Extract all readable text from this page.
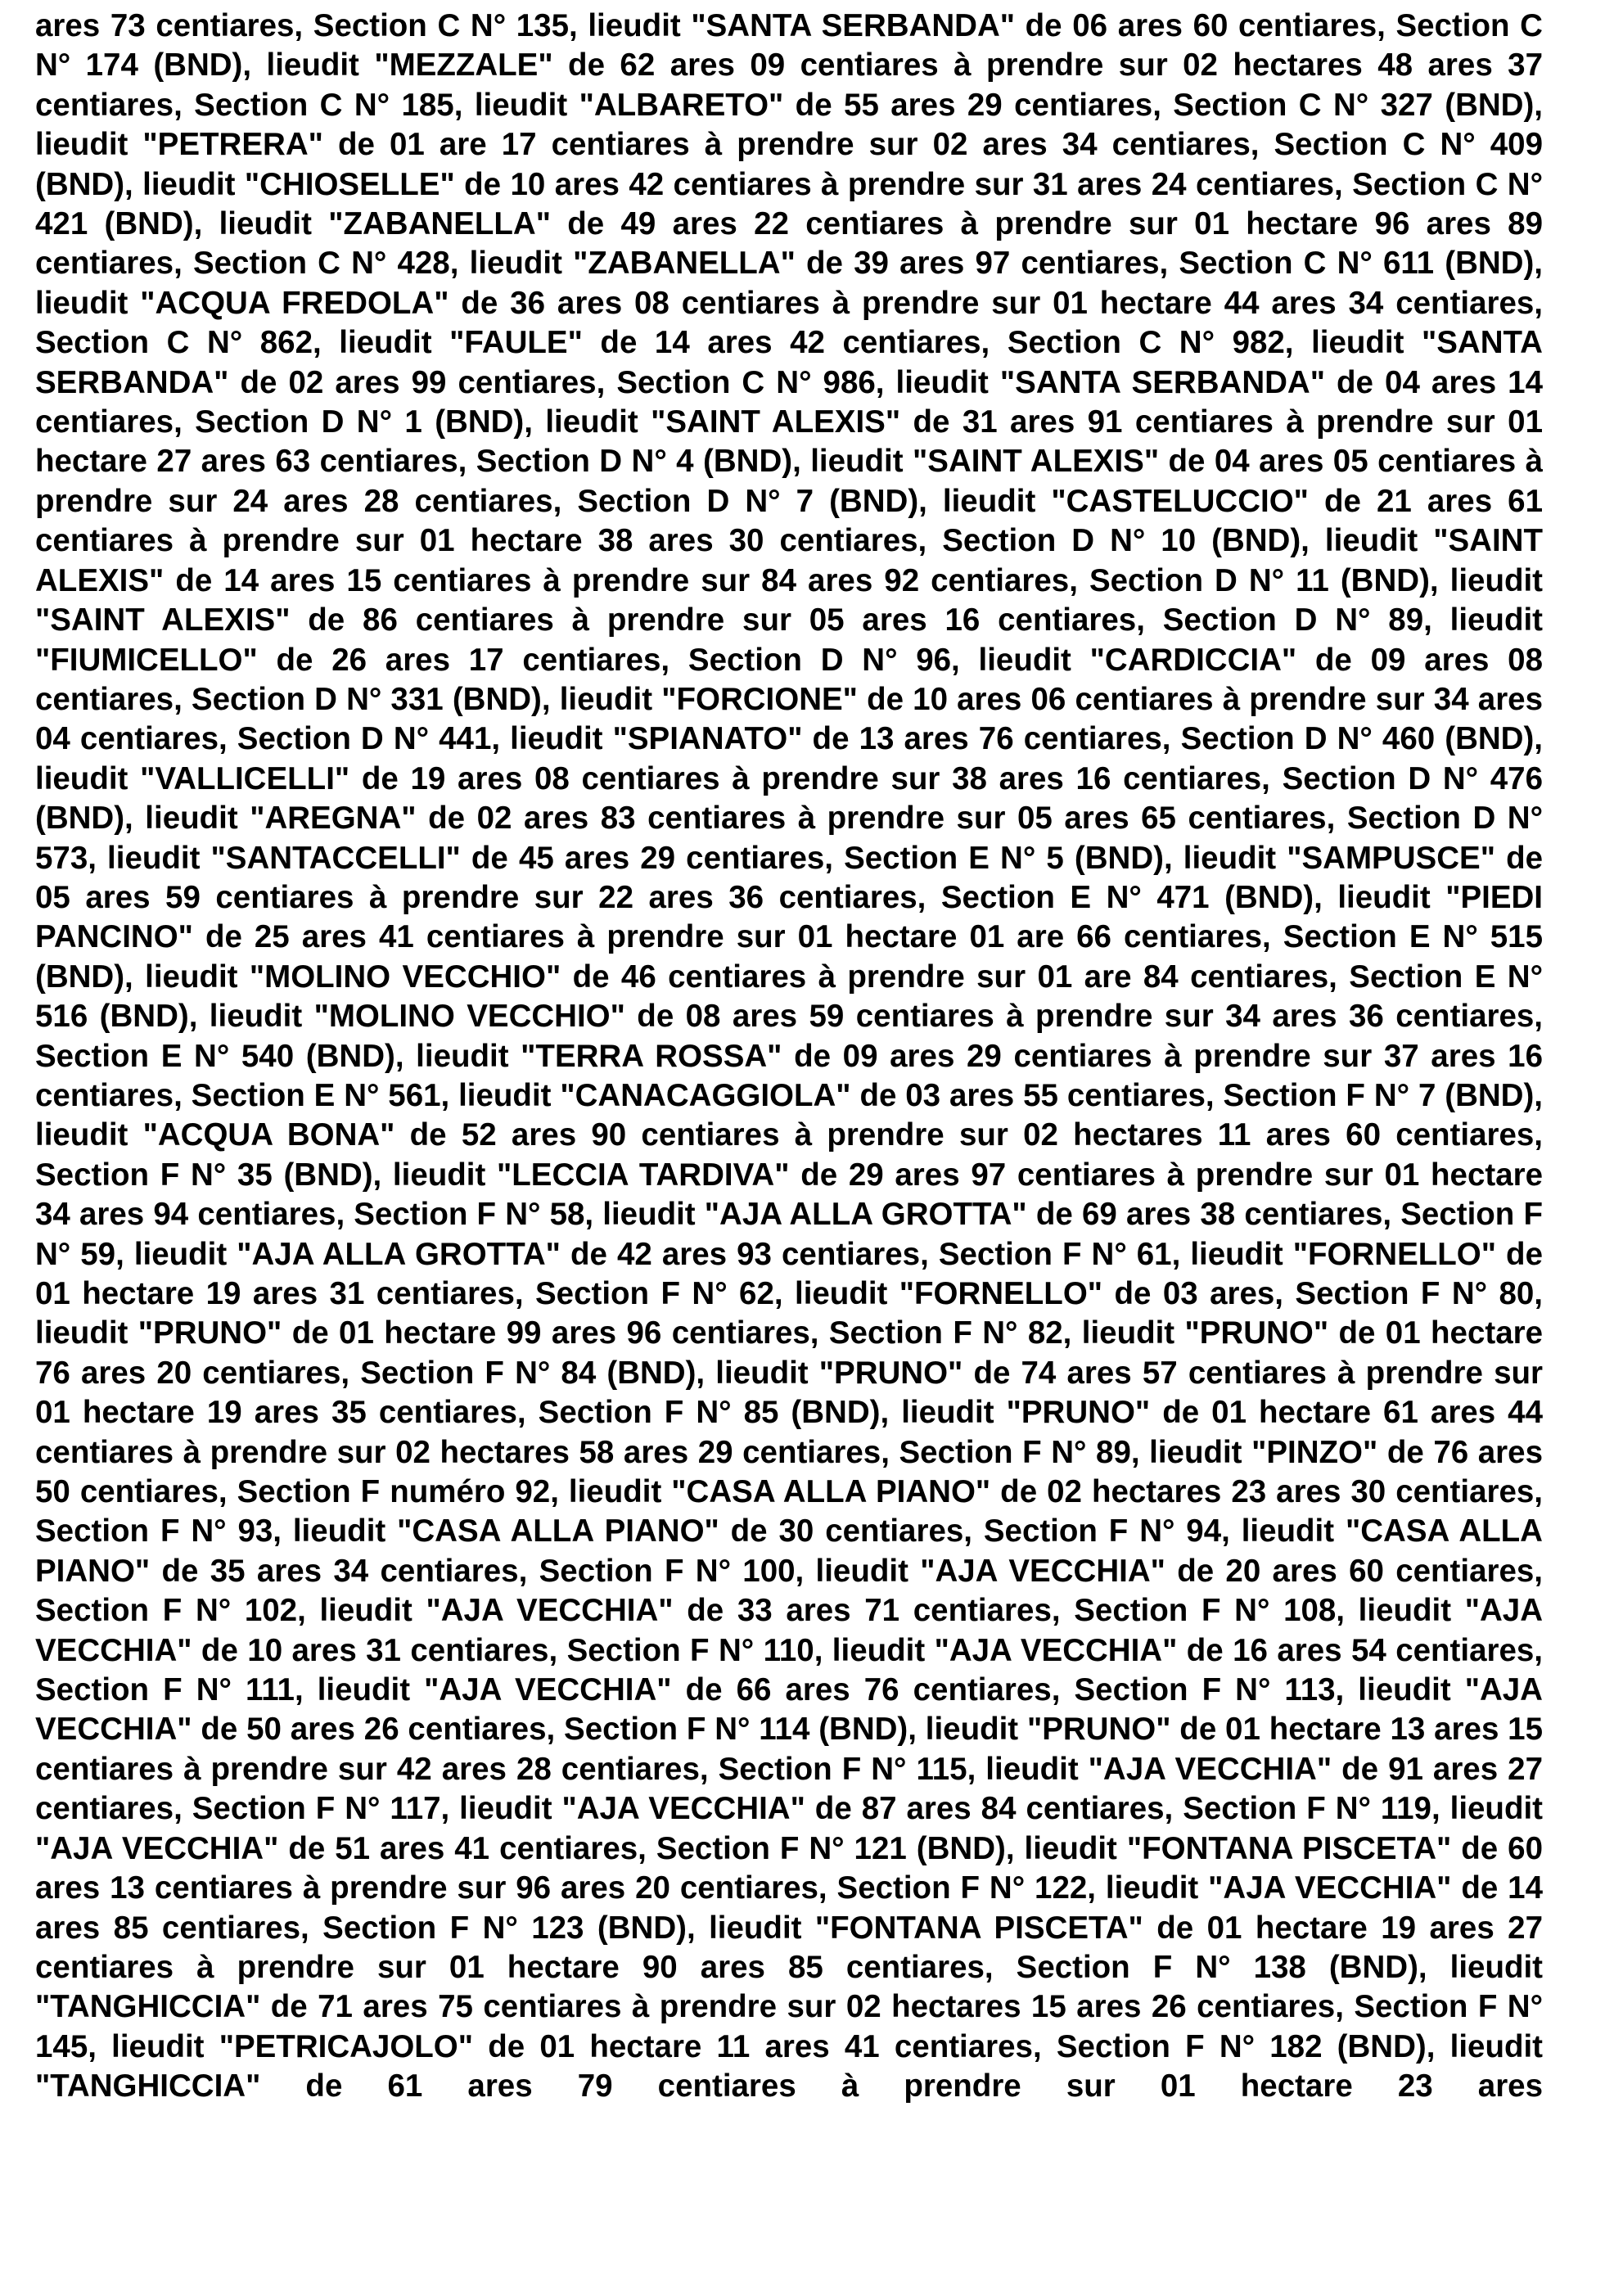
ares 73 centiares, Section C N° 135, lieudit "SANTA SERBANDA" de 06 ares 60 centiares, Section C N° 174 (BND), lieudit "MEZZALE" de 62 ares 09 centiares à prendre sur 02 hectares 48 ares 37 centiares, Section C N° 185, lieudit "ALBARETO" de 55 ares 29 centiares, Section C N° 327 (BND), lieudit "PETRERA" de 01 are 17 centiares à prendre sur 02 ares 34 centiares, Section C N° 409 (BND), lieudit "CHIOSELLE" de 10 ares 42 centiares à prendre sur 31 ares 24 centiares, Section C N° 421 (BND), lieudit "ZABANELLA" de 49 ares 22 centiares à prendre sur 01 hectare 96 ares 89 centiares, Section C N° 428, lieudit "ZABANELLA" de 39 ares 97 centiares, Section C N° 611 (BND), lieudit "ACQUA FREDOLA" de 36 ares 08 centiares à prendre sur 01 hectare 44 ares 34 centiares, Section C N° 862, lieudit "FAULE" de 14 ares 42 centiares, Section C N° 982, lieudit "SANTA SERBANDA" de 02 ares 99 centiares, Section C N° 986, lieudit "SANTA SERBANDA" de 04 ares 14 centiares, Section D N° 1 (BND), lieudit "SAINT ALEXIS" de 31 ares 91 centiares à prendre sur 01 hectare 27 ares 63 centiares, Section D N° 4 (BND), lieudit "SAINT ALEXIS" de 04 ares 05 centiares à prendre sur 24 ares 28 centiares, Section D N° 7 (BND), lieudit "CASTELUCCIO" de 21 ares 61 centiares à prendre sur 01 hectare 38 ares 30 centiares, Section D N° 10 (BND), lieudit "SAINT ALEXIS" de 14 ares 15 centiares à prendre sur 84 ares 92 centiares, Section D N° 11 (BND), lieudit "SAINT ALEXIS" de 86 centiares à prendre sur 05 ares 16 centiares, Section D N° 89, lieudit "FIUMICELLO" de 26 ares 17 centiares, Section D N° 96, lieudit "CARDICCIA" de 09 ares 08 centiares, Section D N° 331 (BND), lieudit "FORCIONE" de 10 ares 06 centiares à prendre sur 34 ares 04 centiares, Section D N° 441, lieudit "SPIANATO" de 13 ares 76 centiares, Section D N° 460 (BND), lieudit "VALLICELLI" de 19 ares 08 centiares à prendre sur 38 ares 16 centiares, Section D N° 476 (BND), lieudit "AREGNA" de 02 ares 83 centiares à prendre sur 05 ares 65 centiares, Section D N° 573, lieudit "SANTACCELLI" de 45 ares 29 centiares, Section E N° 5 (BND), lieudit "SAMPUSCE" de 05 ares 59 centiares à prendre sur 22 ares 36 centiares, Section E N° 471 (BND), lieudit "PIEDI PANCINO" de 25 ares 41 centiares à prendre sur 01 hectare 01 are 66 centiares, Section E N° 515 (BND), lieudit "MOLINO VECCHIO" de 46 centiares à prendre sur 01 are 84 centiares, Section E N° 516 (BND), lieudit "MOLINO VECCHIO" de 08 ares 59 centiares à prendre sur 34 ares 36 centiares, Section E N° 540 (BND), lieudit "TERRA ROSSA" de 09 ares 29 centiares à prendre sur 37 ares 16 centiares, Section E N° 561, lieudit "CANACAGGIOLA" de 03 ares 55 centiares, Section F N° 7 (BND), lieudit "ACQUA BONA" de 52 ares 90 centiares à prendre sur 02 hectares 11 ares 60 centiares, Section F N° 35 (BND), lieudit "LECCIA TARDIVA" de 29 ares 97 centiares à prendre sur 01 hectare 34 ares 94 centiares, Section F N° 58, lieudit "AJA ALLA GROTTA" de 69 ares 38 centiares, Section F N° 59, lieudit "AJA ALLA GROTTA" de 42 ares 93 centiares, Section F N° 61, lieudit "FORNELLO" de 01 hectare 19 ares 31 centiares, Section F N° 62, lieudit "FORNELLO" de 03 ares, Section F N° 80, lieudit "PRUNO" de 01 hectare 99 ares 96 centiares, Section F N° 82, lieudit "PRUNO" de 01 hectare 76 ares 20 centiares, Section F N° 84 (BND), lieudit "PRUNO" de 74 ares 57 centiares à prendre sur 01 hectare 19 ares 35 centiares, Section F N° 85 (BND), lieudit "PRUNO" de 01 hectare 61 ares 44 centiares à prendre sur 02 hectares 58 ares 29 centiares, Section F N° 89, lieudit "PINZO" de 76 ares 50 centiares, Section F numéro 92, lieudit "CASA ALLA PIANO" de 02 hectares 23 ares 30 centiares, Section F N° 93, lieudit "CASA ALLA PIANO" de 30 centiares, Section F N° 94, lieudit "CASA ALLA PIANO" de 35 ares 34 centiares, Section F N° 100, lieudit "AJA VECCHIA" de 20 ares 60 centiares, Section F N° 102, lieudit "AJA VECCHIA" de 33 ares 71 centiares, Section F N° 108, lieudit "AJA VECCHIA" de 10 ares 31 centiares, Section F N° 110, lieudit "AJA VECCHIA" de 16 ares 54 centiares, Section F N° 111, lieudit "AJA VECCHIA" de 66 ares 76 centiares, Section F N° 113, lieudit "AJA VECCHIA" de 50 ares 26 centiares, Section F N° 114 (BND), lieudit "PRUNO" de 01 hectare 13 ares 15 centiares à prendre sur 42 ares 28 centiares, Section F N° 115, lieudit "AJA VECCHIA" de 91 ares 27 centiares, Section F N° 117, lieudit "AJA VECCHIA" de 87 ares 84 centiares, Section F N° 119, lieudit "AJA VECCHIA" de 51 ares 41 centiares, Section F N° 121 (BND), lieudit "FONTANA PISCETA" de 60 ares 13 centiares à prendre sur 96 ares 20 centiares, Section F N° 122, lieudit "AJA VECCHIA" de 14 ares 85 centiares, Section F N° 123 (BND), lieudit "FONTANA PISCETA" de 01 hectare 19 ares 27 centiares à prendre sur 01 hectare 90 ares 85 centiares, Section F N° 138 (BND), lieudit "TANGHICCIA" de 71 ares 75 centiares à prendre sur 02 hectares 15 ares 26 centiares, Section F N° 145, lieudit "PETRICAJOLO" de 01 hectare 11 ares 41 centiares, Section F N° 182 (BND), lieudit "TANGHICCIA" de 61 ares 79 centiares à prendre sur 01 hectare 23 ares
